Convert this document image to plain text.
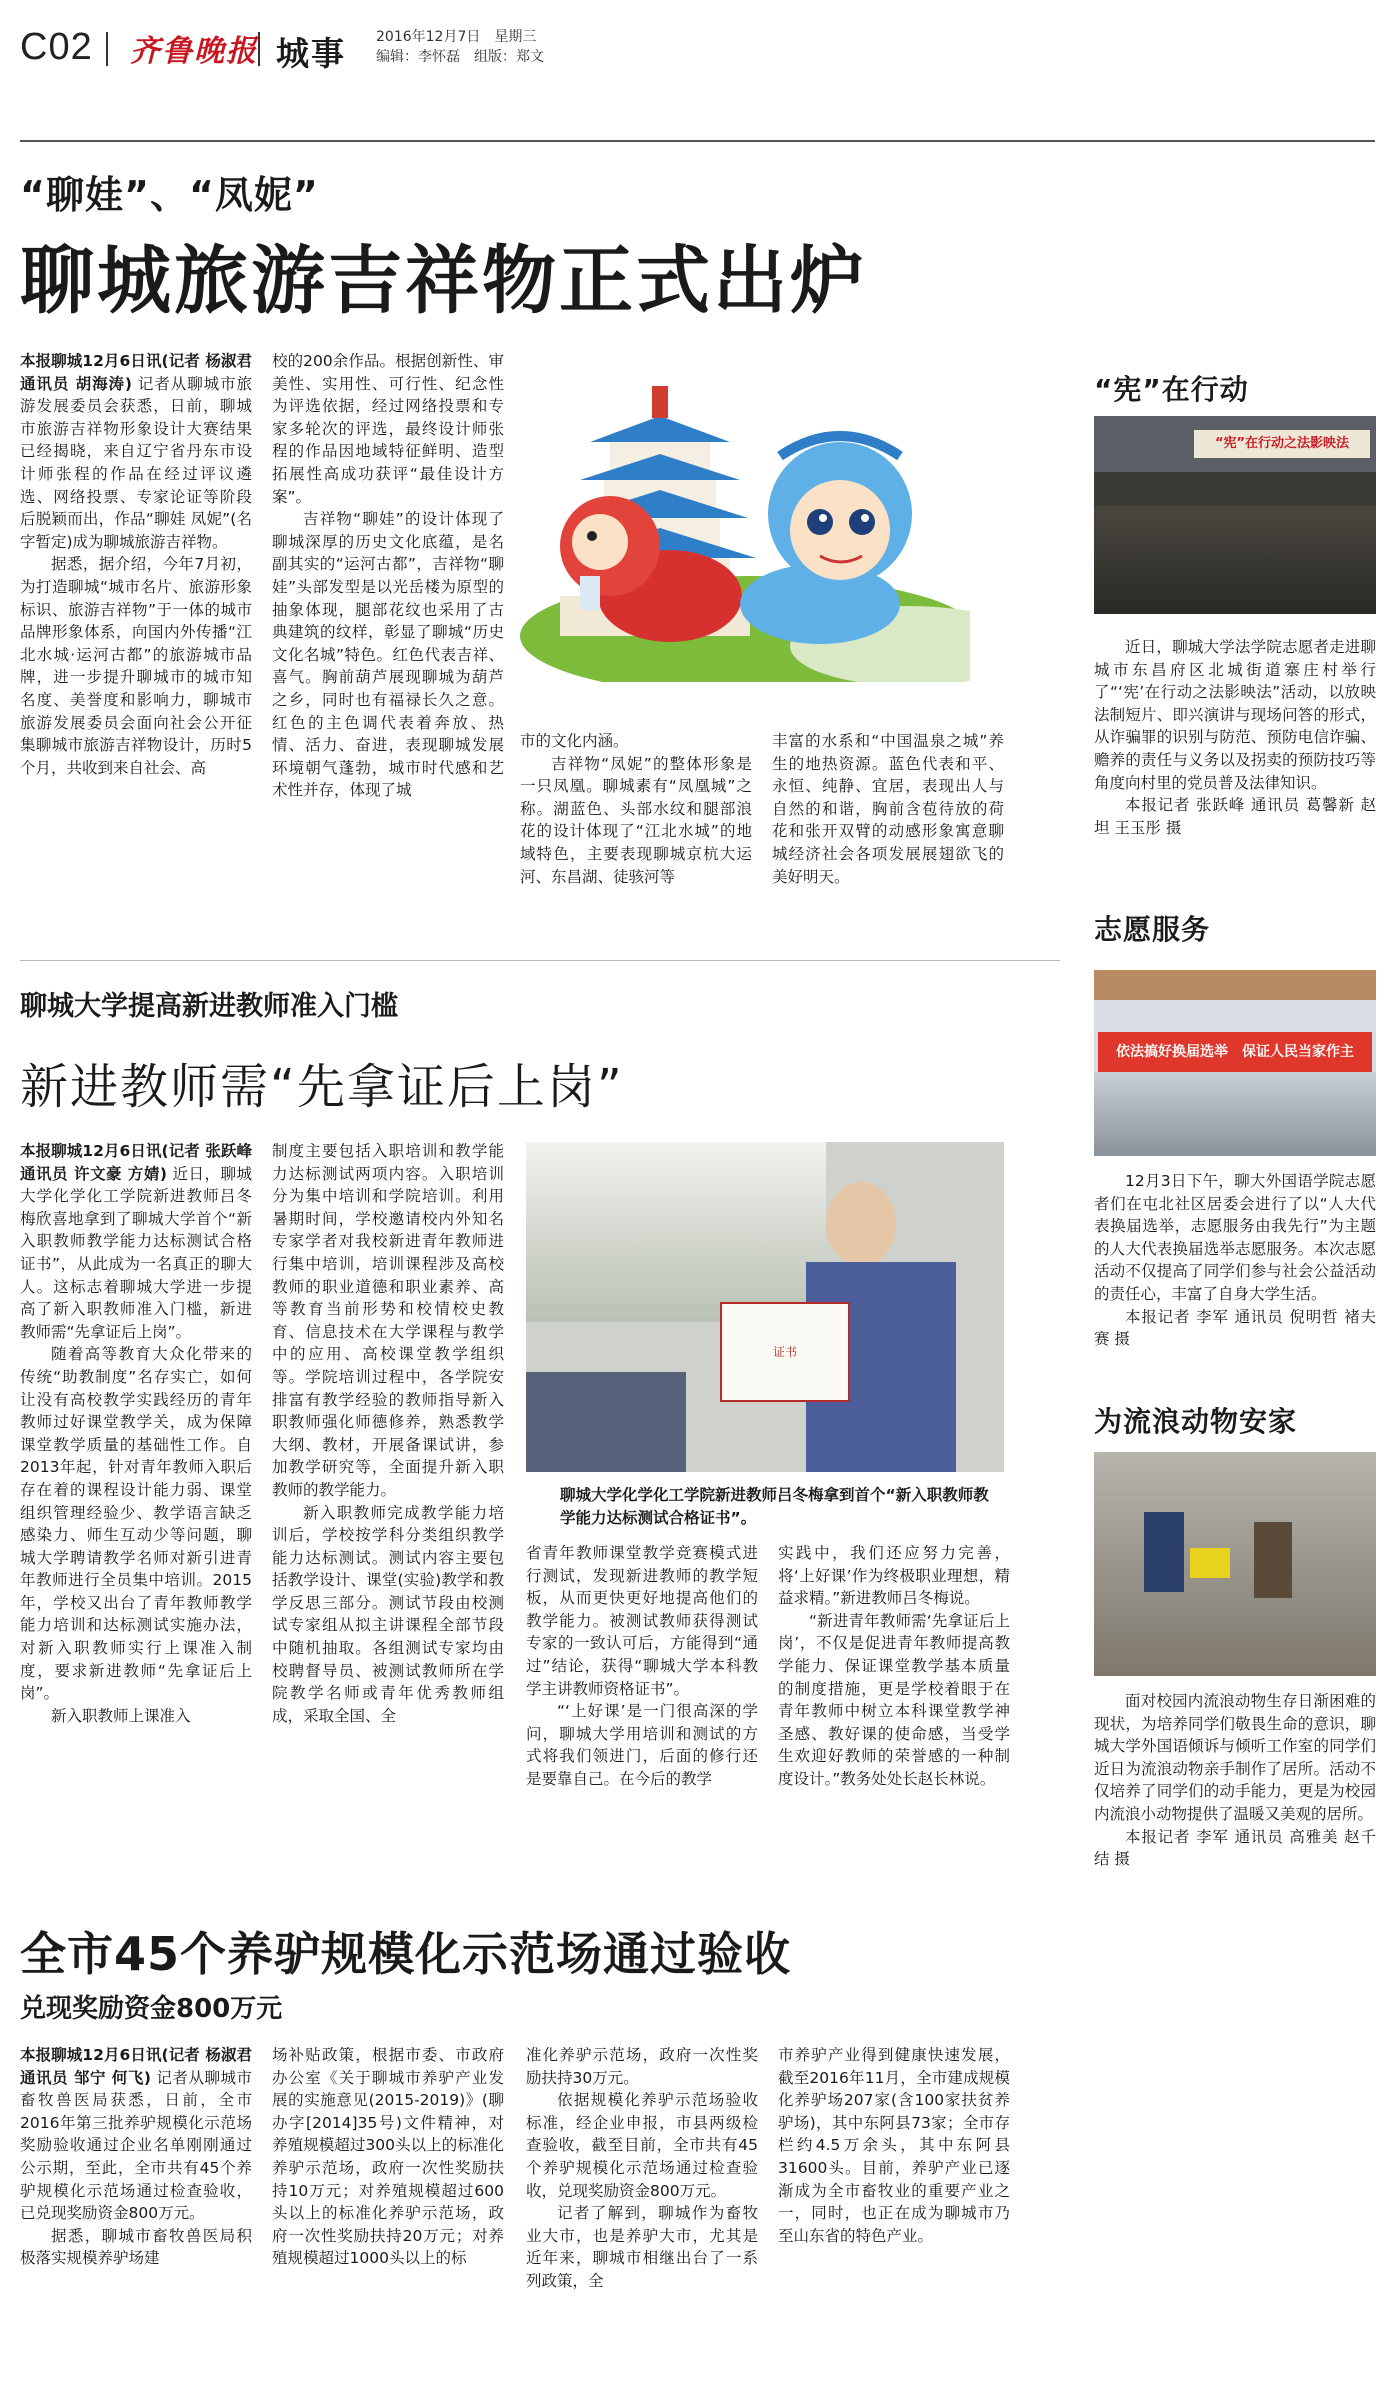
C02 齐鲁晚报 城事 2016年12月7日　星期三
编辑：李怀磊　组版：郑文
“聊娃”、“凤妮”
聊城旅游吉祥物正式出炉

本报聊城12月6日讯(记者 杨淑君 通讯员 胡海涛) 记者从聊城市旅游发展委员会获悉，日前，聊城市旅游吉祥物形象设计大赛结果已经揭晓，来自辽宁省丹东市设计师张程的作品在经过评议遴选、网络投票、专家论证等阶段后脱颖而出，作品“聊娃 凤妮”(名字暂定)成为聊城旅游吉祥物。

据悉，据介绍，今年7月初，为打造聊城“城市名片、旅游形象标识、旅游吉祥物”于一体的城市品牌形象体系，向国内外传播“江北水城·运河古都”的旅游城市品牌，进一步提升聊城市的城市知名度、美誉度和影响力，聊城市旅游发展委员会面向社会公开征集聊城市旅游吉祥物设计，历时5个月，共收到来自社会、高

校的200余作品。根据创新性、审美性、实用性、可行性、纪念性为评选依据，经过网络投票和专家多轮次的评选，最终设计师张程的作品因地域特征鲜明、造型拓展性高成功获评“最佳设计方案”。

吉祥物“聊娃”的设计体现了聊城深厚的历史文化底蕴，是名副其实的“运河古都”，吉祥物“聊娃”头部发型是以光岳楼为原型的抽象体现，腿部花纹也采用了古典建筑的纹样，彰显了聊城“历史文化名城”特色。红色代表吉祥、喜气。胸前葫芦展现聊城为葫芦之乡，同时也有福禄长久之意。红色的主色调代表着奔放、热情、活力、奋进，表现聊城发展环境朝气蓬勃，城市时代感和艺术性并存，体现了城

市的文化内涵。

吉祥物“凤妮”的整体形象是一只凤凰。聊城素有“凤凰城”之称。湖蓝色、头部水纹和腿部浪花的设计体现了“江北水城”的地域特色，主要表现聊城京杭大运河、东昌湖、徒骇河等

丰富的水系和“中国温泉之城”养生的地热资源。蓝色代表和平、永恒、纯静、宜居，表现出人与自然的和谐，胸前含苞待放的荷花和张开双臂的动感形象寓意聊城经济社会各项发展展翅欲飞的美好明天。

“宪”在行动
“宪”在行动之法影映法

近日，聊城大学法学院志愿者走进聊城市东昌府区北城街道寨庄村举行了“‘宪’在行动之法影映法”活动，以放映法制短片、即兴演讲与现场问答的形式，从诈骗罪的识别与防范、预防电信诈骗、赡养的责任与义务以及拐卖的预防技巧等角度向村里的党员普及法律知识。

本报记者 张跃峰 通讯员 葛馨新 赵坦 王玉彤 摄

志愿服务
依法搞好换届选举　保证人民当家作主

12月3日下午，聊大外国语学院志愿者们在屯北社区居委会进行了以“人大代表换届选举，志愿服务由我先行”为主题的人大代表换届选举志愿服务。本次志愿活动不仅提高了同学们参与社会公益活动的责任心，丰富了自身大学生活。

本报记者 李军 通讯员 倪明哲 褚夫赛 摄

为流浪动物安家

面对校园内流浪动物生存日渐困难的现状，为培养同学们敬畏生命的意识，聊城大学外国语倾诉与倾听工作室的同学们近日为流浪动物亲手制作了居所。活动不仅培养了同学们的动手能力，更是为校园内流浪小动物提供了温暖又美观的居所。

本报记者 李军 通讯员 高雅美 赵千结 摄

聊城大学提高新进教师准入门槛
新进教师需“先拿证后上岗”

本报聊城12月6日讯(记者 张跃峰 通讯员 许文豪 方婧) 近日，聊城大学化学化工学院新进教师吕冬梅欣喜地拿到了聊城大学首个“新入职教师教学能力达标测试合格证书”，从此成为一名真正的聊大人。这标志着聊城大学进一步提高了新入职教师准入门槛，新进教师需“先拿证后上岗”。

随着高等教育大众化带来的传统“助教制度”名存实亡，如何让没有高校教学实践经历的青年教师过好课堂教学关，成为保障课堂教学质量的基础性工作。自2013年起，针对青年教师入职后存在着的课程设计能力弱、课堂组织管理经验少、教学语言缺乏感染力、师生互动少等问题，聊城大学聘请教学名师对新引进青年教师进行全员集中培训。2015年，学校又出台了青年教师教学能力培训和达标测试实施办法，对新入职教师实行上课准入制度，要求新进教师“先拿证后上岗”。

新入职教师上课准入

制度主要包括入职培训和教学能力达标测试两项内容。入职培训分为集中培训和学院培训。利用暑期时间，学校邀请校内外知名专家学者对我校新进青年教师进行集中培训，培训课程涉及高校教师的职业道德和职业素养、高等教育当前形势和校情校史教育、信息技术在大学课程与教学中的应用、高校课堂教学组织等。学院培训过程中，各学院安排富有教学经验的教师指导新入职教师强化师德修养，熟悉教学大纲、教材，开展备课试讲，参加教学研究等，全面提升新入职教师的教学能力。

新入职教师完成教学能力培训后，学校按学科分类组织教学能力达标测试。测试内容主要包括教学设计、课堂(实验)教学和教学反思三部分。测试节段由校测试专家组从拟主讲课程全部节段中随机抽取。各组测试专家均由校聘督导员、被测试教师所在学院教学名师或青年优秀教师组成，采取全国、全

证书
聊城大学化学化工学院新进教师吕冬梅拿到首个“新入职教师教学能力达标测试合格证书”。

省青年教师课堂教学竞赛模式进行测试，发现新进教师的教学短板，从而更快更好地提高他们的教学能力。被测试教师获得测试专家的一致认可后，方能得到“通过”结论，获得“聊城大学本科教学主讲教师资格证书”。

“‘上好课’是一门很高深的学问，聊城大学用培训和测试的方式将我们领进门，后面的修行还是要靠自己。在今后的教学

实践中，我们还应努力完善，将‘上好课’作为终极职业理想，精益求精。”新进教师吕冬梅说。

“新进青年教师需‘先拿证后上岗’，不仅是促进青年教师提高教学能力、保证课堂教学基本质量的制度措施，更是学校着眼于在青年教师中树立本科课堂教学神圣感、教好课的使命感，当受学生欢迎好教师的荣誉感的一种制度设计。”教务处处长赵长林说。

全市45个养驴规模化示范场通过验收
兑现奖励资金800万元

本报聊城12月6日讯(记者 杨淑君 通讯员 邹宁 何飞) 记者从聊城市畜牧兽医局获悉，日前，全市2016年第三批养驴规模化示范场奖励验收通过企业名单刚刚通过公示期，至此，全市共有45个养驴规模化示范场通过检查验收，已兑现奖励资金800万元。

据悉，聊城市畜牧兽医局积极落实规模养驴场建

场补贴政策，根据市委、市政府办公室《关于聊城市养驴产业发展的实施意见(2015-2019)》(聊办字[2014]35号)文件精神，对养殖规模超过300头以上的标准化养驴示范场，政府一次性奖励扶持10万元；对养殖规模超过600头以上的标准化养驴示范场，政府一次性奖励扶持20万元；对养殖规模超过1000头以上的标

准化养驴示范场，政府一次性奖励扶持30万元。

依据规模化养驴示范场验收标准，经企业申报，市县两级检查验收，截至目前，全市共有45个养驴规模化示范场通过检查验收，兑现奖励资金800万元。

记者了解到，聊城作为畜牧业大市，也是养驴大市，尤其是近年来，聊城市相继出台了一系列政策，全

市养驴产业得到健康快速发展，截至2016年11月，全市建成规模化养驴场207家(含100家扶贫养驴场)，其中东阿县73家；全市存栏约4.5万余头，其中东阿县31600头。目前，养驴产业已逐渐成为全市畜牧业的重要产业之一，同时，也正在成为聊城市乃至山东省的特色产业。
